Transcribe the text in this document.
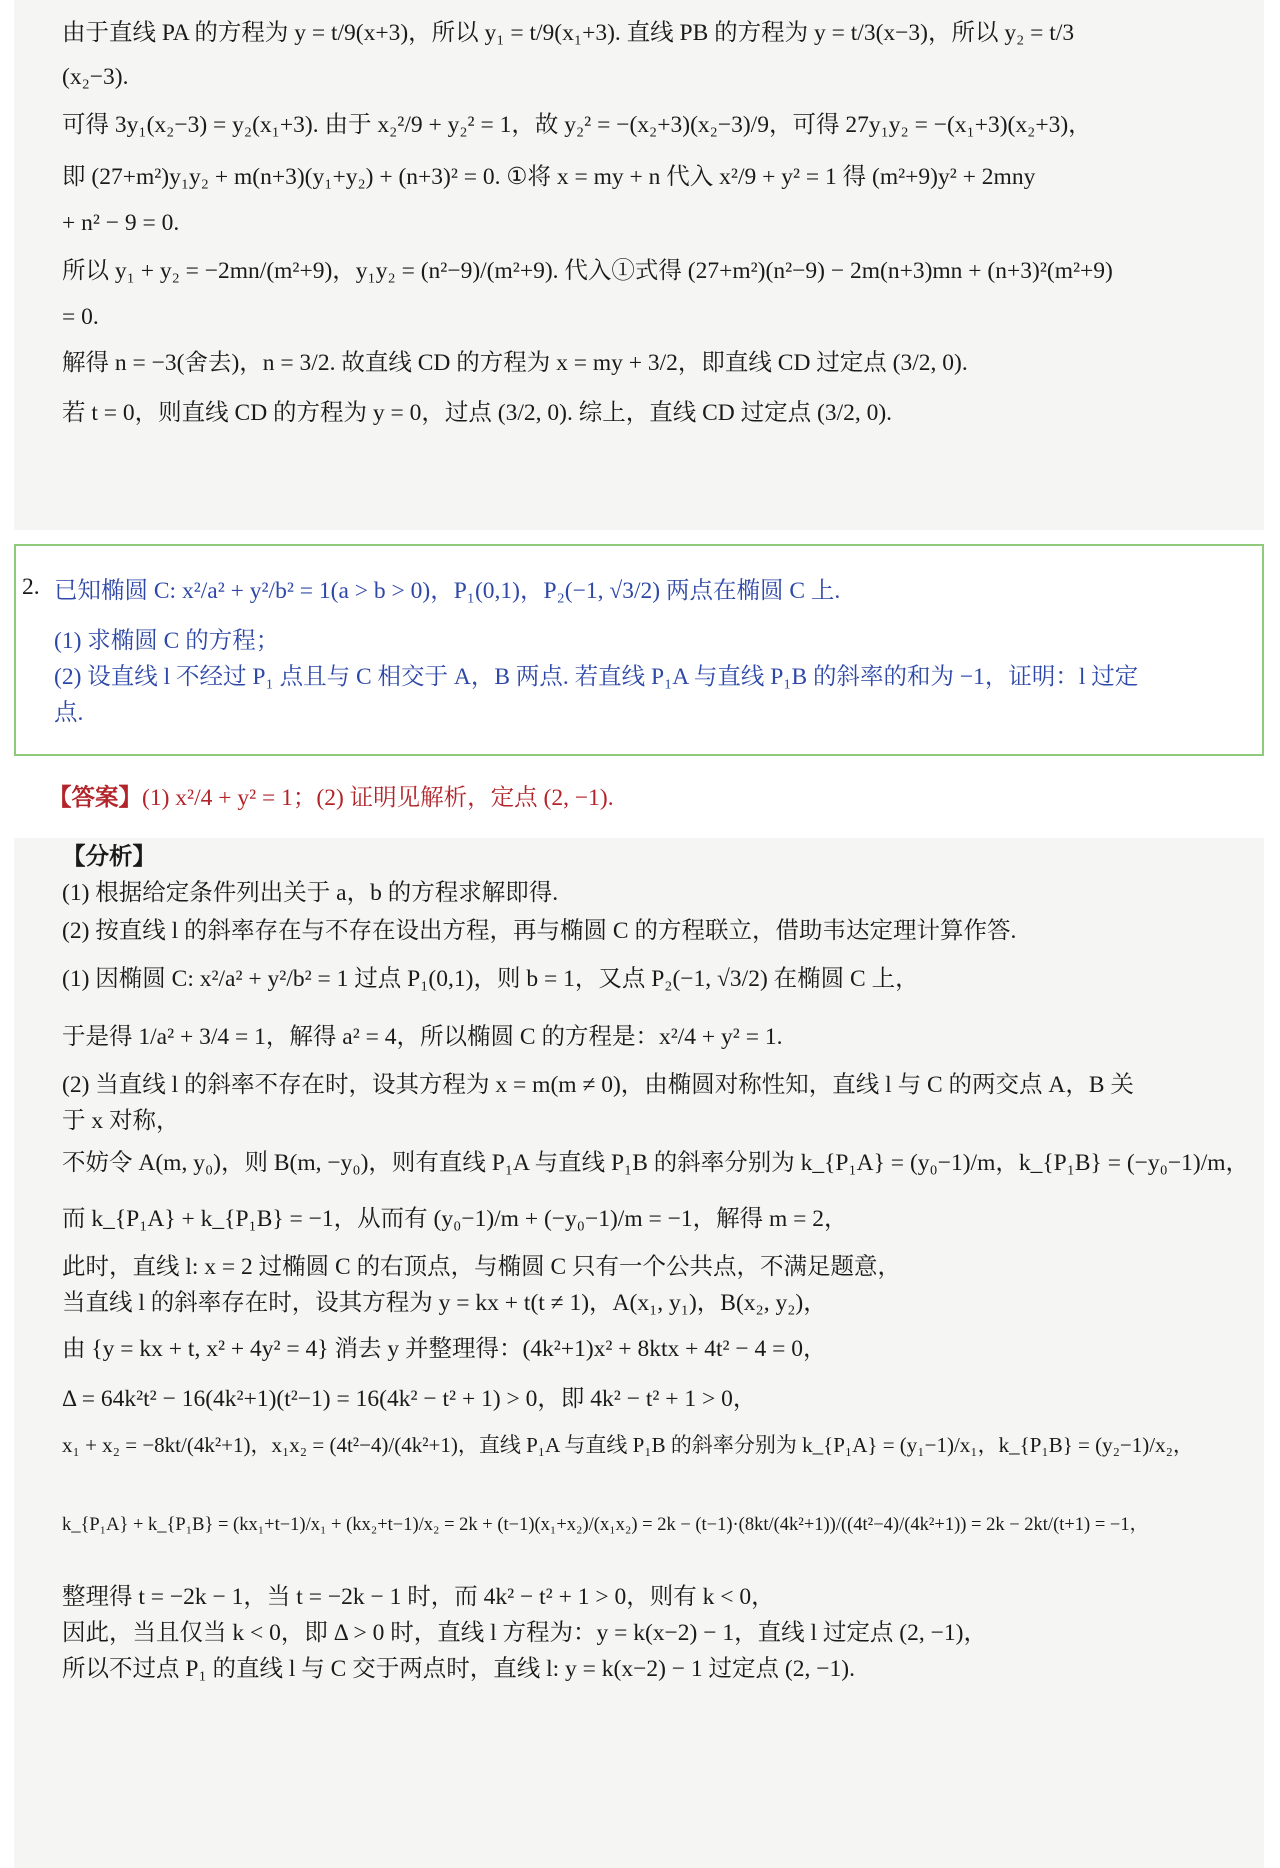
由于直线 PA 的方程为 y = t/9(x+3)，所以 y₁ = t/9(x₁+3). 直线 PB 的方程为 y = t/3(x−3)，所以 y₂ = t/3
(x₂−3).
可得 3y₁(x₂−3) = y₂(x₁+3). 由于 x₂²/9 + y₂² = 1，故 y₂² = −(x₂+3)(x₂−3)/9，可得 27y₁y₂ = −(x₁+3)(x₂+3)，
即 (27+m²)y₁y₂ + m(n+3)(y₁+y₂) + (n+3)² = 0. ①将 x = my + n 代入 x²/9 + y² = 1 得 (m²+9)y² + 2mny
+ n² − 9 = 0.
所以 y₁ + y₂ = −2mn/(m²+9)，y₁y₂ = (n²−9)/(m²+9). 代入①式得 (27+m²)(n²−9) − 2m(n+3)mn + (n+3)²(m²+9)
= 0.
解得 n = −3(舍去)，n = 3/2. 故直线 CD 的方程为 x = my + 3/2，即直线 CD 过定点 (3/2, 0).
若 t = 0，则直线 CD 的方程为 y = 0，过点 (3/2, 0). 综上，直线 CD 过定点 (3/2, 0).
2. 已知椭圆 C: x²/a² + y²/b² = 1(a > b > 0)，P₁(0,1)，P₂(−1, √3/2) 两点在椭圆 C 上.
(1) 求椭圆 C 的方程；
(2) 设直线 l 不经过 P₁ 点且与 C 相交于 A，B 两点. 若直线 P₁A 与直线 P₁B 的斜率的和为 −1，证明：l 过定
点.
【答案】(1) x²/4 + y² = 1；(2) 证明见解析，定点 (2, −1).
【分析】
(1) 根据给定条件列出关于 a，b 的方程求解即得.
(2) 按直线 l 的斜率存在与不存在设出方程，再与椭圆 C 的方程联立，借助韦达定理计算作答.
(1) 因椭圆 C: x²/a² + y²/b² = 1 过点 P₁(0,1)，则 b = 1，又点 P₂(−1, √3/2) 在椭圆 C 上，
于是得 1/a² + 3/4 = 1，解得 a² = 4，所以椭圆 C 的方程是：x²/4 + y² = 1.
(2) 当直线 l 的斜率不存在时，设其方程为 x = m(m ≠ 0)，由椭圆对称性知，直线 l 与 C 的两交点 A，B 关
于 x 对称，
不妨令 A(m, y₀)，则 B(m, −y₀)，则有直线 P₁A 与直线 P₁B 的斜率分别为 k_{P₁A} = (y₀−1)/m，k_{P₁B} = (−y₀−1)/m，
而 k_{P₁A} + k_{P₁B} = −1，从而有 (y₀−1)/m + (−y₀−1)/m = −1，解得 m = 2，
此时，直线 l: x = 2 过椭圆 C 的右顶点，与椭圆 C 只有一个公共点，不满足题意，
当直线 l 的斜率存在时，设其方程为 y = kx + t(t ≠ 1)，A(x₁, y₁)，B(x₂, y₂)，
由 {y = kx + t, x² + 4y² = 4} 消去 y 并整理得：(4k²+1)x² + 8ktx + 4t² − 4 = 0，
Δ = 64k²t² − 16(4k²+1)(t²−1) = 16(4k² − t² + 1) > 0，即 4k² − t² + 1 > 0，
x₁ + x₂ = −8kt/(4k²+1)，x₁x₂ = (4t²−4)/(4k²+1)，直线 P₁A 与直线 P₁B 的斜率分别为 k_{P₁A} = (y₁−1)/x₁，k_{P₁B} = (y₂−1)/x₂，
k_{P₁A} + k_{P₁B} = (kx₁+t−1)/x₁ + (kx₂+t−1)/x₂ = 2k + (t−1)(x₁+x₂)/(x₁x₂) = 2k − (t−1)·(8kt/(4k²+1))/((4t²−4)/(4k²+1)) = 2k − 2kt/(t+1) = −1，
整理得 t = −2k − 1，当 t = −2k − 1 时，而 4k² − t² + 1 > 0，则有 k < 0，
因此，当且仅当 k < 0，即 Δ > 0 时，直线 l 方程为：y = k(x−2) − 1，直线 l 过定点 (2, −1)，
所以不过点 P₁ 的直线 l 与 C 交于两点时，直线 l: y = k(x−2) − 1 过定点 (2, −1).
